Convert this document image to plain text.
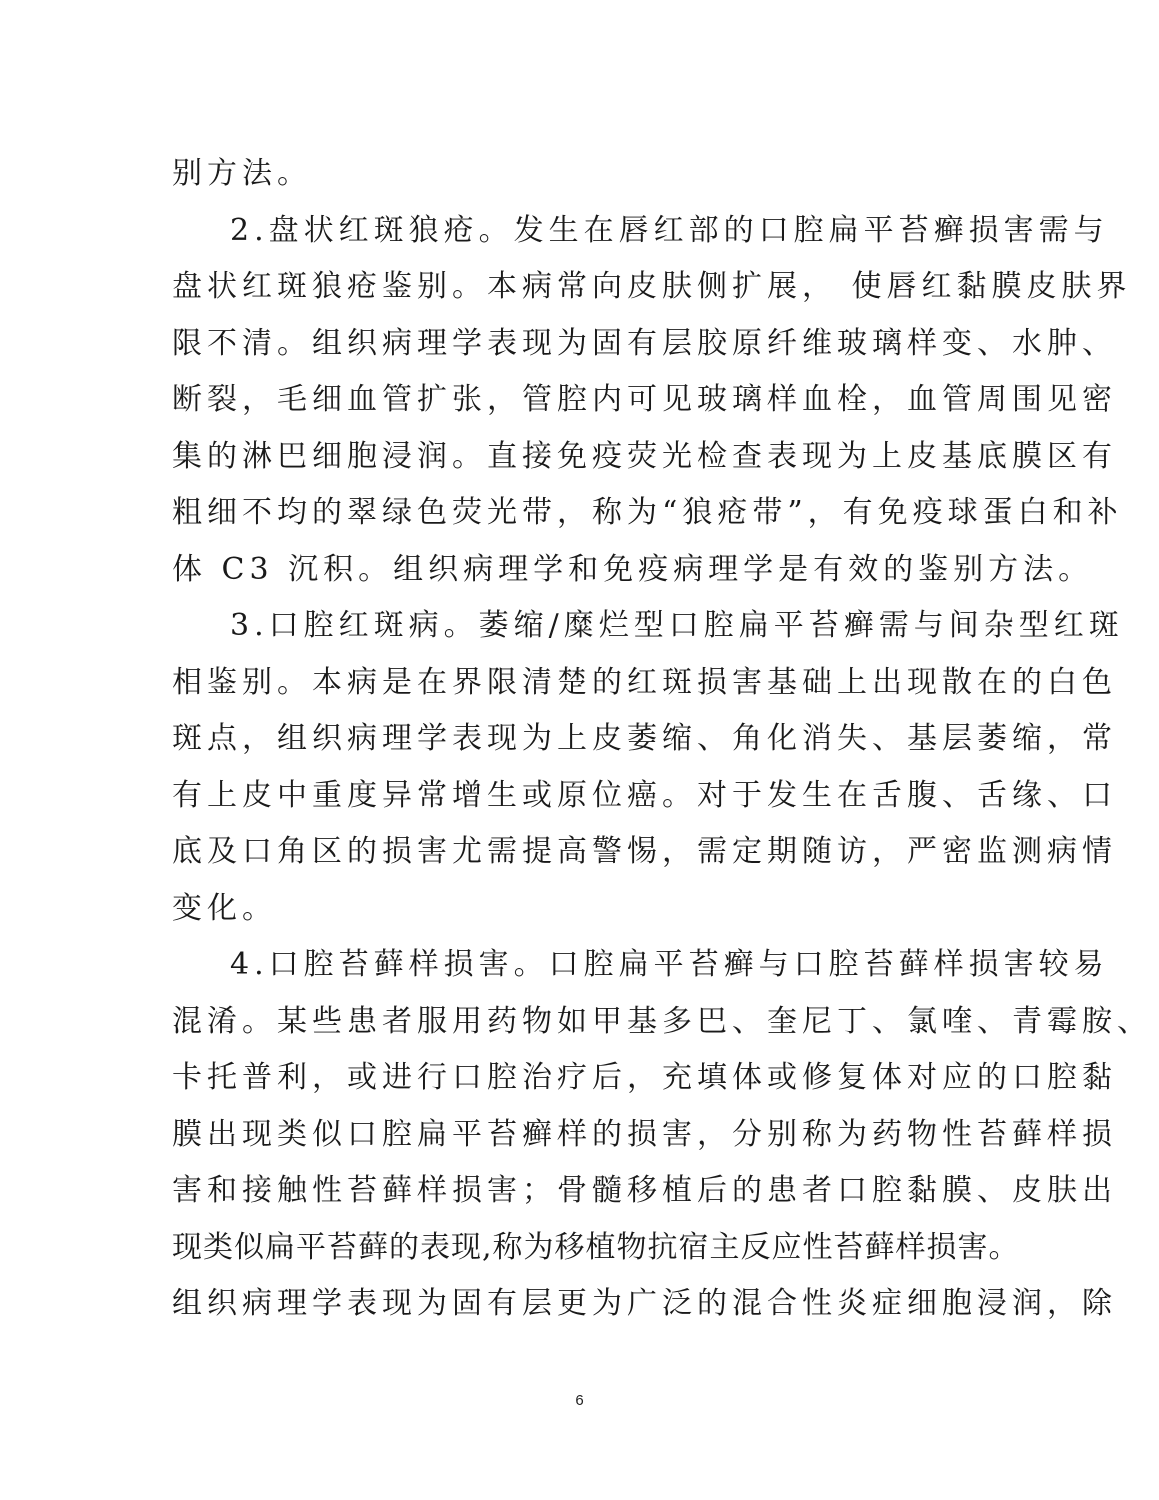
别方法。
2.盘状红斑狼疮。发生在唇红部的口腔扁平苔癣损害需与
盘状红斑狼疮鉴别。本病常向皮肤侧扩展， 使唇红黏膜皮肤界
限不清。组织病理学表现为固有层胶原纤维玻璃样变、水肿、
断裂，毛细血管扩张，管腔内可见玻璃样血栓，血管周围见密
集的淋巴细胞浸润。直接免疫荧光检查表现为上皮基底膜区有
粗细不均的翠绿色荧光带，称为“狼疮带”，有免疫球蛋白和补
体 C3 沉积。组织病理学和免疫病理学是有效的鉴别方法。
3.口腔红斑病。萎缩/糜烂型口腔扁平苔癣需与间杂型红斑
相鉴别。本病是在界限清楚的红斑损害基础上出现散在的白色
斑点，组织病理学表现为上皮萎缩、角化消失、基层萎缩，常
有上皮中重度异常增生或原位癌。对于发生在舌腹、舌缘、口
底及口角区的损害尤需提高警惕，需定期随访，严密监测病情
变化。
4.口腔苔藓样损害。口腔扁平苔癣与口腔苔藓样损害较易
混淆。某些患者服用药物如甲基多巴、奎尼丁、氯喹、青霉胺、
卡托普利，或进行口腔治疗后，充填体或修复体对应的口腔黏
膜出现类似口腔扁平苔癣样的损害，分别称为药物性苔藓样损
害和接触性苔藓样损害；骨髓移植后的患者口腔黏膜、皮肤出
现类似扁平苔藓的表现,称为移植物抗宿主反应性苔藓样损害。
组织病理学表现为固有层更为广泛的混合性炎症细胞浸润，除
6
